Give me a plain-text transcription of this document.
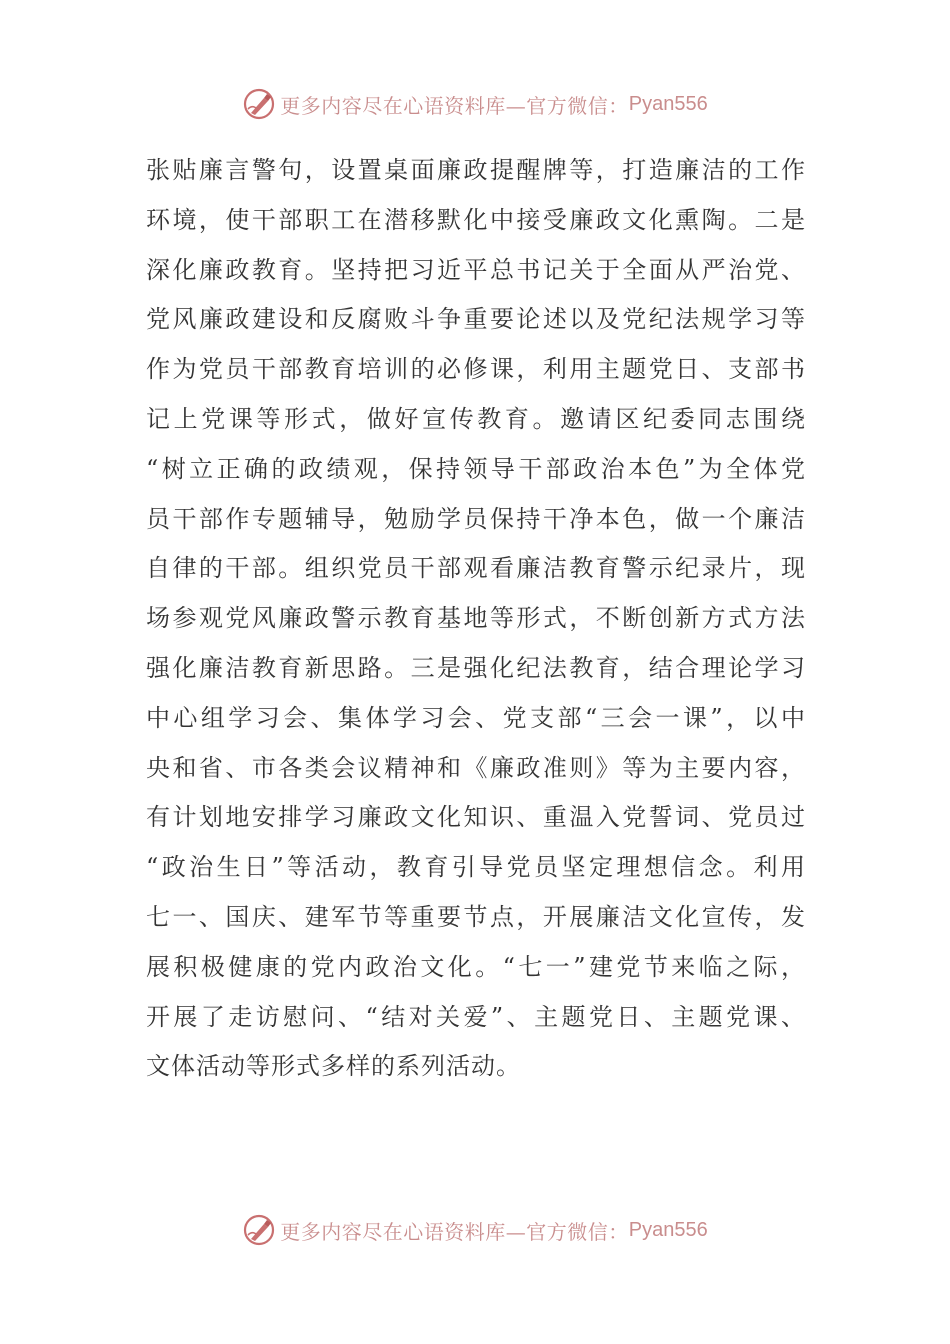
更多内容尽在心语资料库—官方微信： Pyan556
张贴廉言警句，设置桌面廉政提醒牌等，打造廉洁的工作
环境，使干部职工在潜移默化中接受廉政文化熏陶。二是
深化廉政教育。坚持把习近平总书记关于全面从严治党、
党风廉政建设和反腐败斗争重要论述以及党纪法规学习等
作为党员干部教育培训的必修课，利用主题党日、支部书
记上党课等形式，做好宣传教育。邀请区纪委同志围绕
“树立正确的政绩观，保持领导干部政治本色”为全体党
员干部作专题辅导，勉励学员保持干净本色，做一个廉洁
自律的干部。组织党员干部观看廉洁教育警示纪录片，现
场参观党风廉政警示教育基地等形式，不断创新方式方法
强化廉洁教育新思路。三是强化纪法教育，结合理论学习
中心组学习会、集体学习会、党支部“三会一课”，以中
央和省、市各类会议精神和《廉政准则》等为主要内容，
有计划地安排学习廉政文化知识、重温入党誓词、党员过
“政治生日”等活动，教育引导党员坚定理想信念。利用
七一、国庆、建军节等重要节点，开展廉洁文化宣传，发
展积极健康的党内政治文化。“七一”建党节来临之际，
开展了走访慰问、“结对关爱”、主题党日、主题党课、
文体活动等形式多样的系列活动。
更多内容尽在心语资料库—官方微信： Pyan556
